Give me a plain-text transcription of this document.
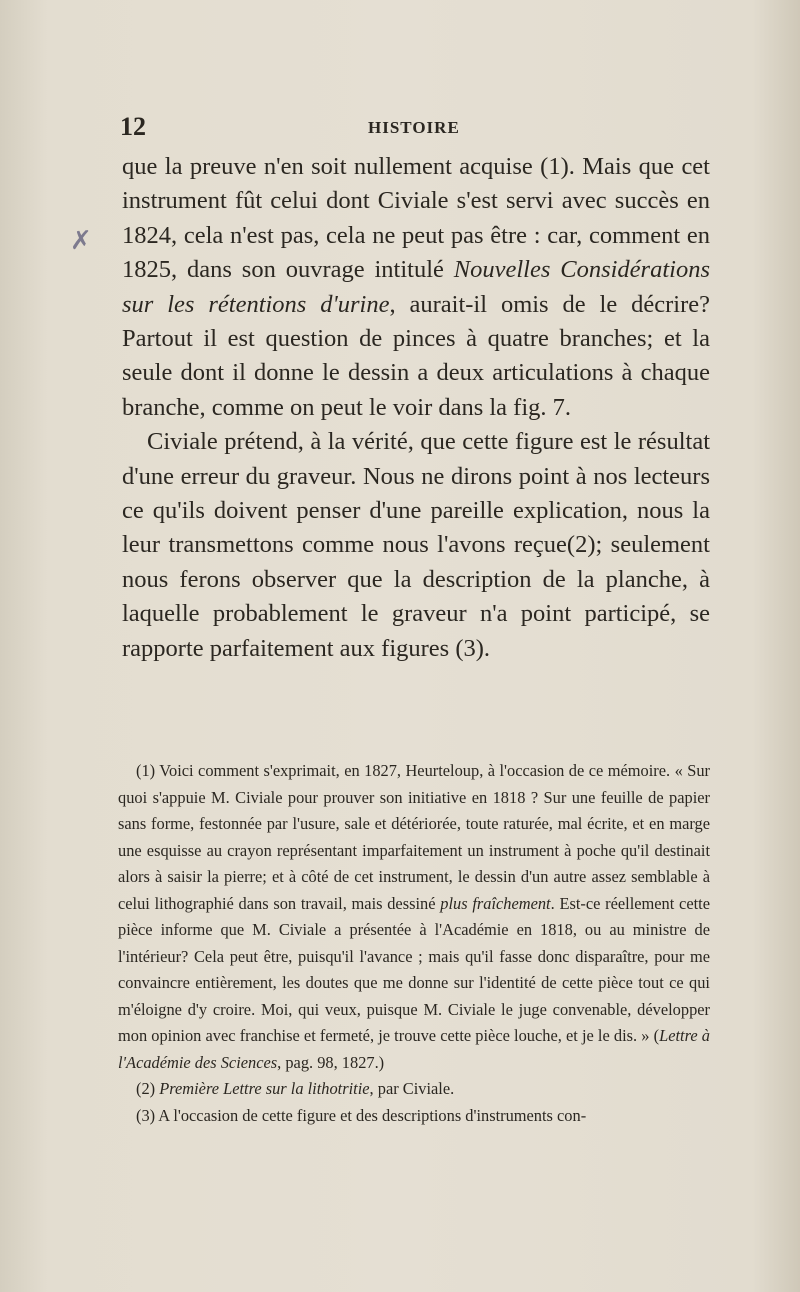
12	HISTOIRE
✗

que la preuve n'en soit nullement acquise (1). Mais que cet instrument fût celui dont Civiale s'est servi avec succès en 1824, cela n'est pas, cela ne peut pas être : car, comment en 1825, dans son ouvrage intitulé Nouvelles Considérations sur les rétentions d'urine, aurait-il omis de le décrire? Partout il est question de pinces à quatre branches; et la seule dont il donne le dessin a deux articulations à chaque branche, comme on peut le voir dans la fig. 7.

Civiale prétend, à la vérité, que cette figure est le résultat d'une erreur du graveur. Nous ne dirons point à nos lecteurs ce qu'ils doivent penser d'une pareille explication, nous la leur transmettons comme nous l'avons reçue(2); seulement nous ferons observer que la description de la planche, à laquelle probablement le graveur n'a point participé, se rapporte parfaitement aux figures (3).

(1) Voici comment s'exprimait, en 1827, Heurteloup, à l'occasion de ce mémoire. « Sur quoi s'appuie M. Civiale pour prouver son initiative en 1818 ? Sur une feuille de papier sans forme, festonnée par l'usure, sale et détériorée, toute raturée, mal écrite, et en marge une esquisse au crayon représentant imparfaitement un instrument à poche qu'il destinait alors à saisir la pierre; et à côté de cet instrument, le dessin d'un autre assez semblable à celui lithographié dans son travail, mais dessiné plus fraîchement. Est-ce réellement cette pièce informe que M. Civiale a présentée à l'Académie en 1818, ou au ministre de l'intérieur? Cela peut être, puisqu'il l'avance ; mais qu'il fasse donc disparaître, pour me convaincre entièrement, les doutes que me donne sur l'identité de cette pièce tout ce qui m'éloigne d'y croire. Moi, qui veux, puisque M. Civiale le juge convenable, développer mon opinion avec franchise et fermeté, je trouve cette pièce louche, et je le dis. » (Lettre à l'Académie des Sciences, pag. 98, 1827.)

(2) Première Lettre sur la lithotritie, par Civiale.

(3) A l'occasion de cette figure et des descriptions d'instruments con-
